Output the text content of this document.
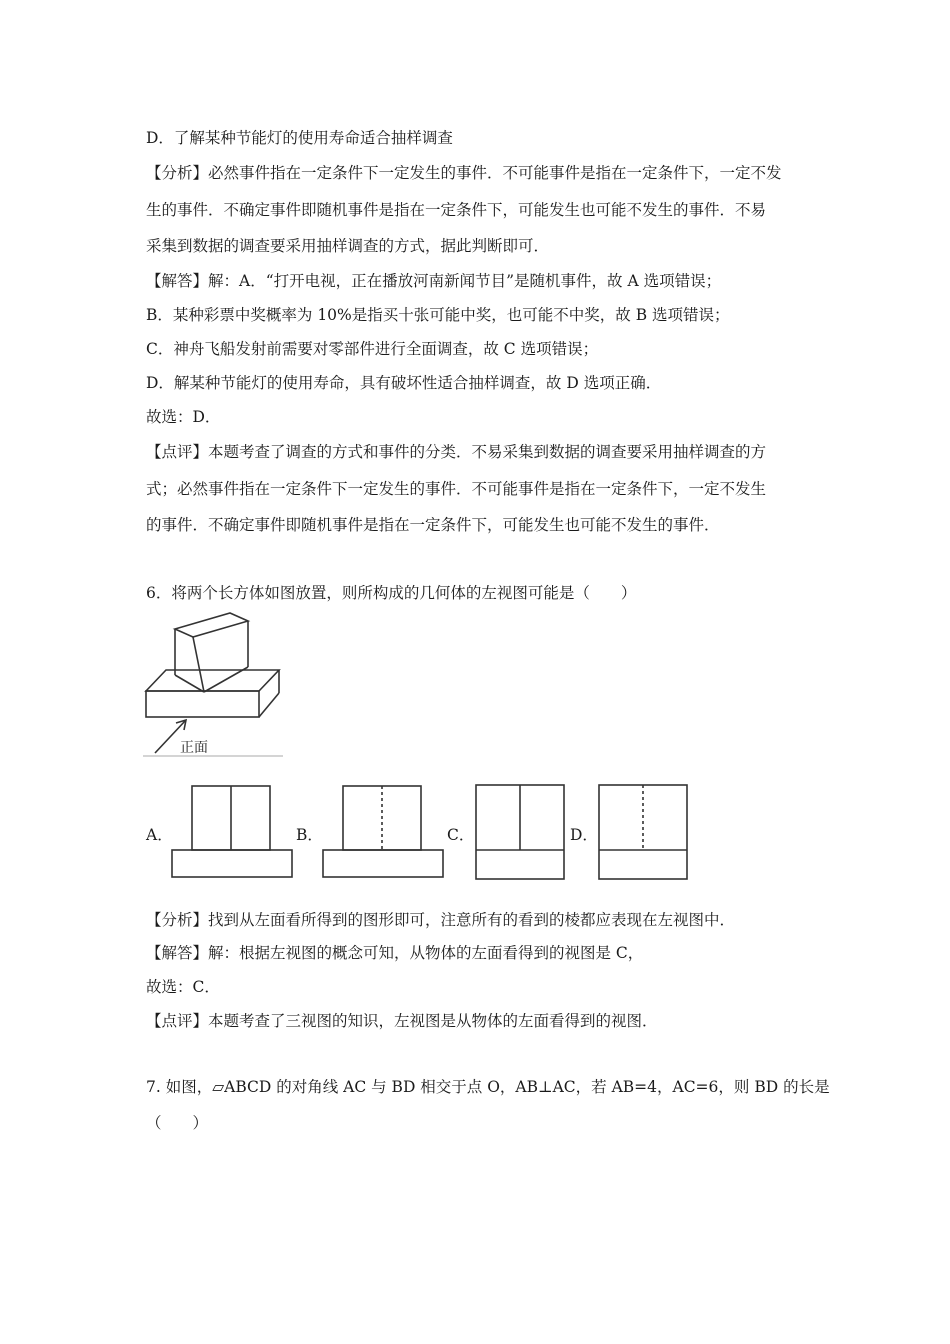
D．了解某种节能灯的使用寿命适合抽样调查
【分析】必然事件指在一定条件下一定发生的事件．不可能事件是指在一定条件下，一定不发
生的事件．不确定事件即随机事件是指在一定条件下，可能发生也可能不发生的事件．不易
采集到数据的调查要采用抽样调查的方式，据此判断即可．
【解答】解：A．“打开电视，正在播放河南新闻节目”是随机事件，故 A 选项错误；
B．某种彩票中奖概率为 10%是指买十张可能中奖，也可能不中奖，故 B 选项错误；
C．神舟飞船发射前需要对零部件进行全面调查，故 C 选项错误；
D．解某种节能灯的使用寿命，具有破坏性适合抽样调查，故 D 选项正确．
故选：D．
【点评】本题考查了调查的方式和事件的分类．不易采集到数据的调查要采用抽样调查的方
式；必然事件指在一定条件下一定发生的事件．不可能事件是指在一定条件下，一定不发生
的事件．不确定事件即随机事件是指在一定条件下，可能发生也可能不发生的事件．
6．将两个长方体如图放置，则所构成的几何体的左视图可能是（　　）
正面
A．	B．	C．	D．
【分析】找到从左面看所得到的图形即可，注意所有的看到的棱都应表现在左视图中．
【解答】解：根据左视图的概念可知，从物体的左面看得到的视图是 C，
故选：C．
【点评】本题考查了三视图的知识，左视图是从物体的左面看得到的视图．
7. 如图，▱ABCD 的对角线 AC 与 BD 相交于点 O，AB⊥AC，若 AB=4，AC=6，则 BD 的长是
（　　）
